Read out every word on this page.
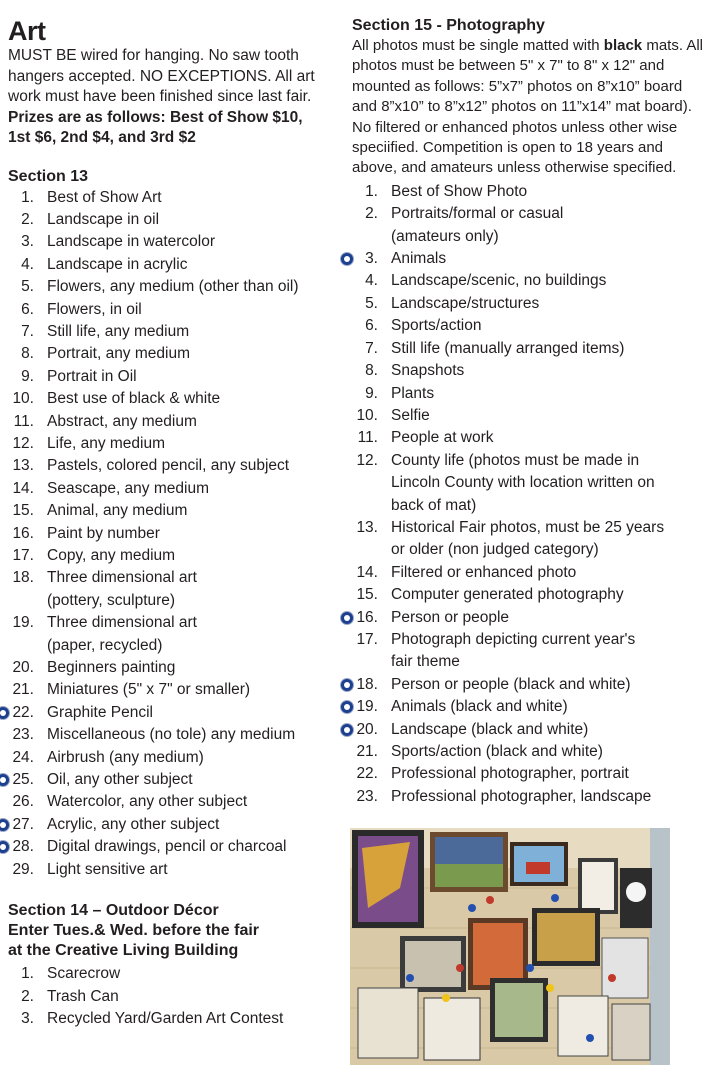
Art

MUST BE wired for hanging. No saw tooth hangers accepted. NO EXCEPTIONS. All art work must have been finished since last fair.

Prizes are as follows: Best of Show $10,

1st $6, 2nd $4, and 3rd $2

Section 13
1. Best of Show Art
2. Landscape in oil
3. Landscape in watercolor
4. Landscape in acrylic
5. Flowers, any medium (other than oil)
6. Flowers, in oil
7. Still life, any medium
8. Portrait, any medium
9. Portrait in Oil
10. Best use of black & white
11. Abstract, any medium
12. Life, any medium
13. Pastels, colored pencil, any subject
14. Seascape, any medium
15. Animal, any medium
16. Paint by number
17. Copy, any medium
18. Three dimensional art
(pottery, sculpture)
19. Three dimensional art
(paper, recycled)
20. Beginners painting
21. Miniatures (5" x 7" or smaller)
22. Graphite Pencil
23. Miscellaneous (no tole) any medium
24. Airbrush (any medium)
25. Oil, any other subject
26. Watercolor, any other subject
27. Acrylic, any other subject
28. Digital drawings, pencil or charcoal
29. Light sensitive art
Section 14 – Outdoor Décor
Enter Tues.& Wed. before the fair
at the Creative Living Building
1. Scarecrow
2. Trash Can
3. Recycled Yard/Garden Art Contest
Section 15 - Photography

All photos must be single matted with black mats. All photos must be between 5" x 7" to 8" x 12" and mounted as follows: 5”x7” photos on 8”x10” board and 8”x10” to 8”x12” photos on 11”x14” mat board). No filtered or enhanced photos unless other wise speciified. Competition is open to 18 years and above, and amateurs unless otherwise specified.

1. Best of Show Photo
2. Portraits/formal or casual
(amateurs only)
3. Animals
4. Landscape/scenic, no buildings
5. Landscape/structures
6. Sports/action
7. Still life (manually arranged items)
8. Snapshots
9. Plants
10. Selfie
11. People at work
12. County life (photos must be made in
Lincoln County with location written on
back of mat)
13. Historical Fair photos, must be 25 years
or older (non judged category)
14. Filtered or enhanced photo
15. Computer generated photography
16. Person or people
17. Photograph depicting current year's
fair theme
18. Person or people (black and white)
19. Animals (black and white)
20. Landscape (black and white)
21. Sports/action (black and white)
22. Professional photographer, portrait
23. Professional photographer, landscape
